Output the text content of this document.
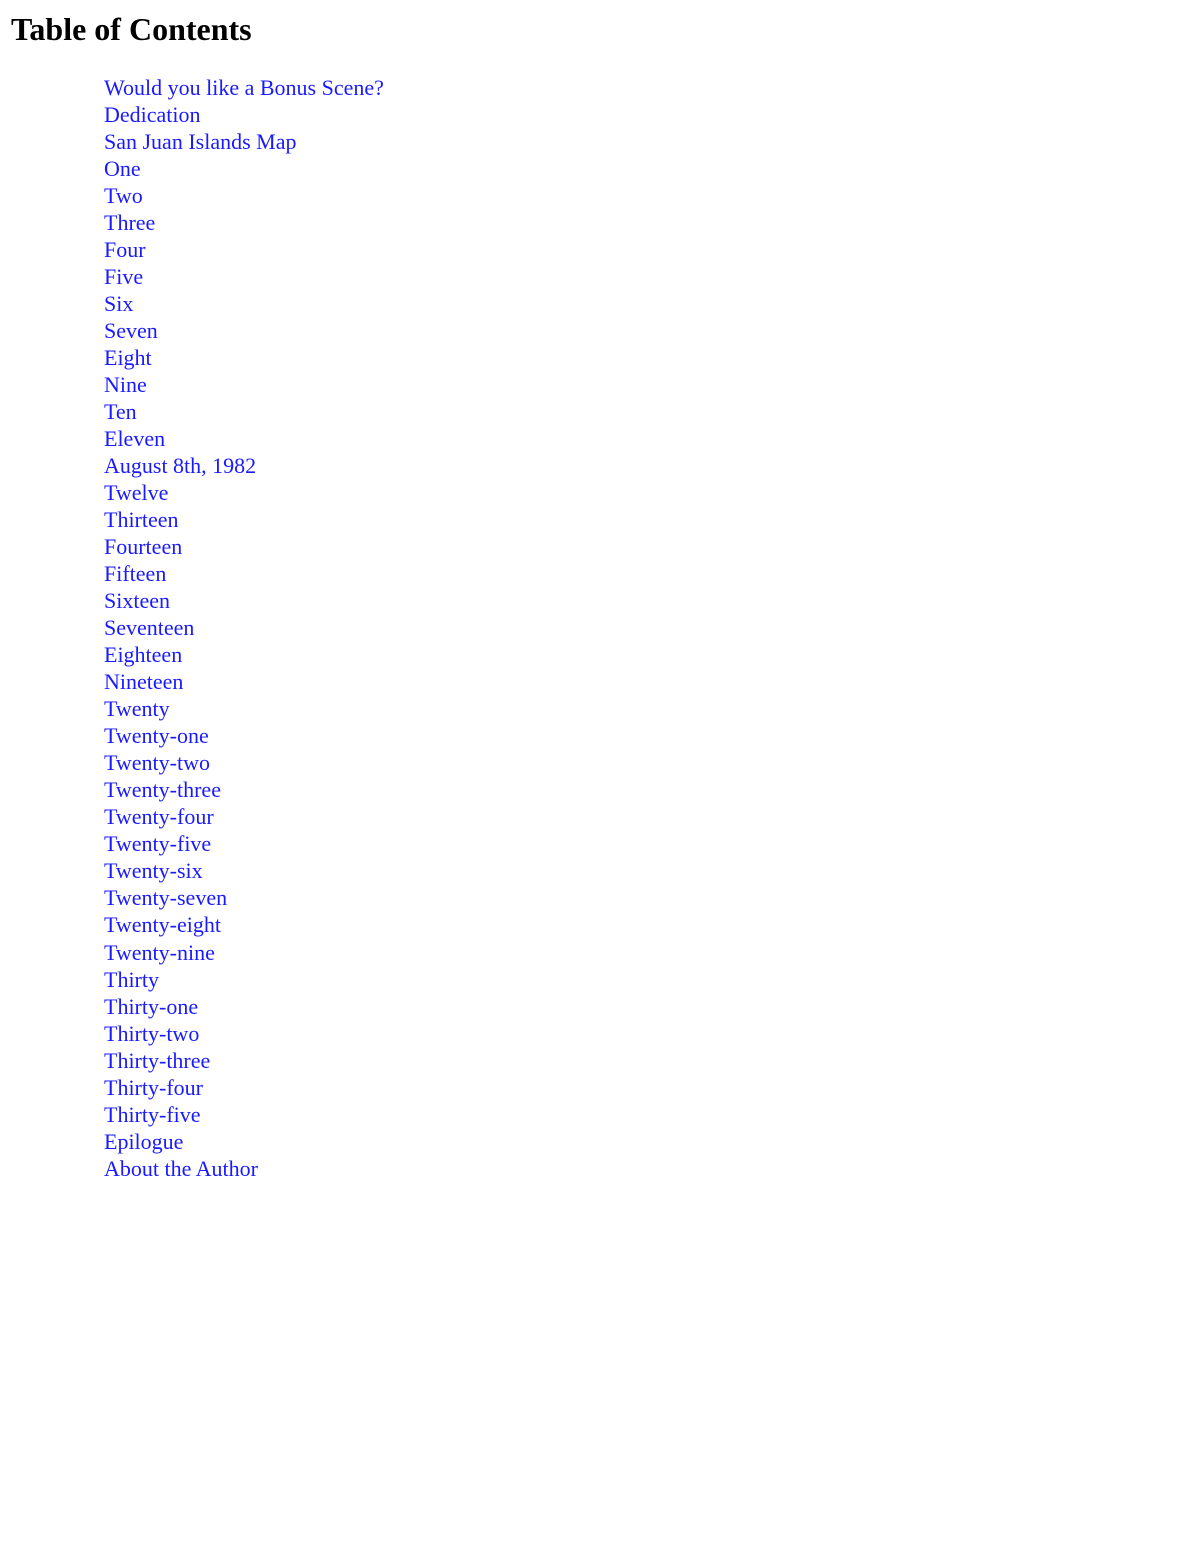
Table of Contents
Would you like a Bonus Scene?
Dedication
San Juan Islands Map
One
Two
Three
Four
Five
Six
Seven
Eight
Nine
Ten
Eleven
August 8th, 1982
Twelve
Thirteen
Fourteen
Fifteen
Sixteen
Seventeen
Eighteen
Nineteen
Twenty
Twenty-one
Twenty-two
Twenty-three
Twenty-four
Twenty-five
Twenty-six
Twenty-seven
Twenty-eight
Twenty-nine
Thirty
Thirty-one
Thirty-two
Thirty-three
Thirty-four
Thirty-five
Epilogue
About the Author
